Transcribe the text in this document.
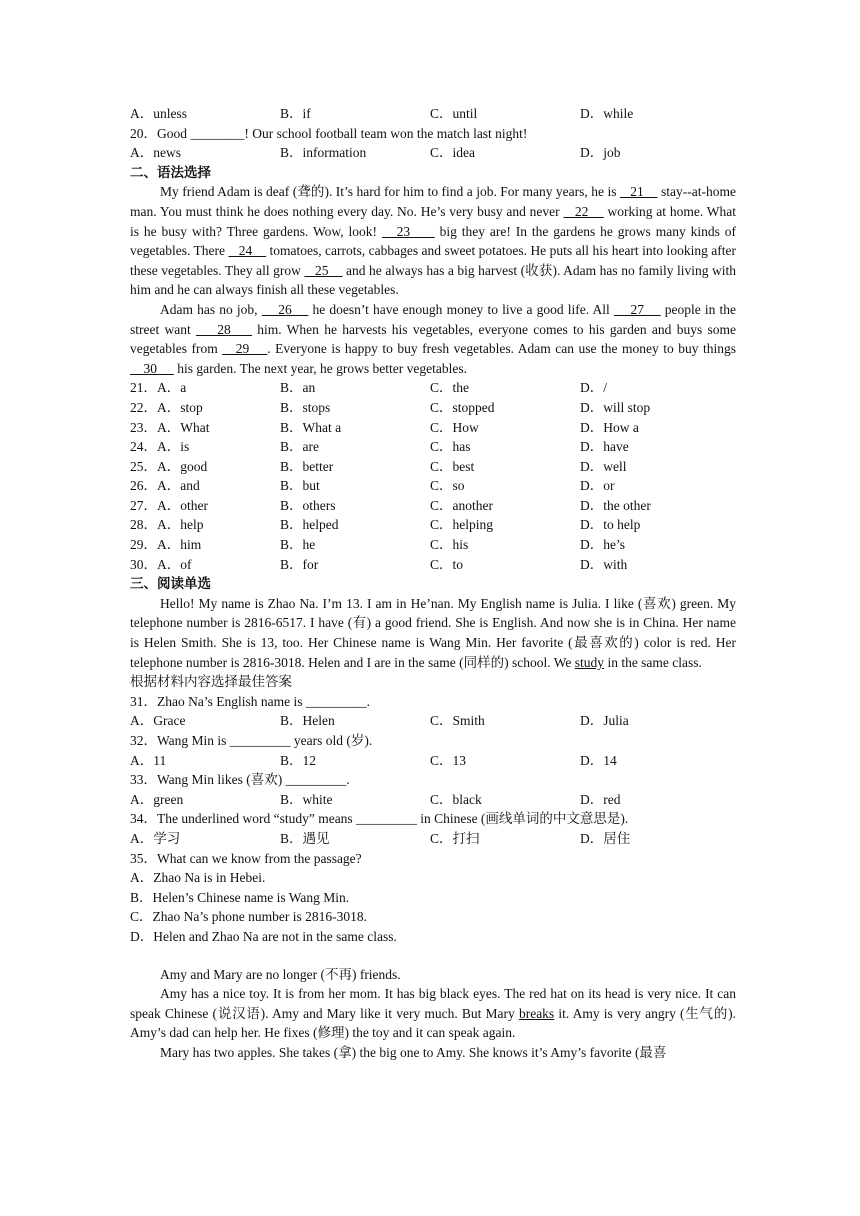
A．unless	B．if	C．until	D．while
20．Good ________! Our school football team won the match last night!
A．news	B．information	C．idea	D．job
二、语法选择

My friend Adam is deaf (聋的). It’s hard for him to find a job. For many years, he is    21     stay--at-home man. You must think he does nothing every day. No. He’s very busy and never    22     working at home. What is he busy with? Three gardens. Wow, look!    23      big they are! In the gardens he grows many kinds of vegetables. There    24     tomatoes, carrots, cabbages and sweet potatoes. He puts all his heart into looking after these vegetables. They all grow    25     and he always has a big harvest (收获). Adam has no family living with him and he can always finish all these vegetables.

Adam has no job,     26     he doesn’t have enough money to live a good life. All     27     people in the street want     28     him. When he harvests his vegetables, everyone comes to his garden and buys some vegetables from    29    . Everyone is happy to buy fresh vegetables. Adam can use the money to buy things     30      his garden. The next year, he grows better vegetables.

21．A．a	B．an	C．the	D．/
22．A．stop	B．stops	C．stopped	D．will stop
23．A．What	B．What a	C．How	D．How a
24．A．is	B．are	C．has	D．have
25．A．good	B．better	C．best	D．well
26．A．and	B．but	C．so	D．or
27．A．other	B．others	C．another	D．the other
28．A．help	B．helped	C．helping	D．to help
29．A．him	B．he	C．his	D．he’s
30．A．of	B．for	C．to	D．with
三、阅读单选

Hello! My name is Zhao Na. I’m 13. I am in He’nan. My English name is Julia. I like (喜欢) green. My telephone number is 2816-6517. I have (有) a good friend. She is English. And now she is in China. Her name is Helen Smith. She is 13, too. Her Chinese name is Wang Min. Her favorite (最喜欢的) color is red. Her telephone number is 2816-3018. Helen and I are in the same (同样的) school. We study in the same class.

根据材料内容选择最佳答案
31．Zhao Na’s English name is _________.
A．Grace	B．Helen	C．Smith	D．Julia
32．Wang Min is _________ years old (岁).
A．11	B．12	C．13	D．14
33．Wang Min likes (喜欢) _________.
A．green	B．white	C．black	D．red
34．The underlined word “study” means _________ in Chinese (画线单词的中文意思是).
A．学习	B．遇见	C．打扫	D．居住
35．What can we know from the passage?
A．Zhao Na is in Hebei.
B．Helen’s Chinese name is Wang Min.
C．Zhao Na’s phone number is 2816-3018.
D．Helen and Zhao Na are not in the same class.

Amy and Mary are no longer (不再) friends.

Amy has a nice toy. It is from her mom. It has big black eyes. The red hat on its head is very nice. It can speak Chinese (说汉语). Amy and Mary like it very much. But Mary breaks it. Amy is very angry (生气的). Amy’s dad can help her. He fixes (修理) the toy and it can speak again.

Mary has two apples. She takes (拿) the big one to Amy. She knows it’s Amy’s favorite (最喜
